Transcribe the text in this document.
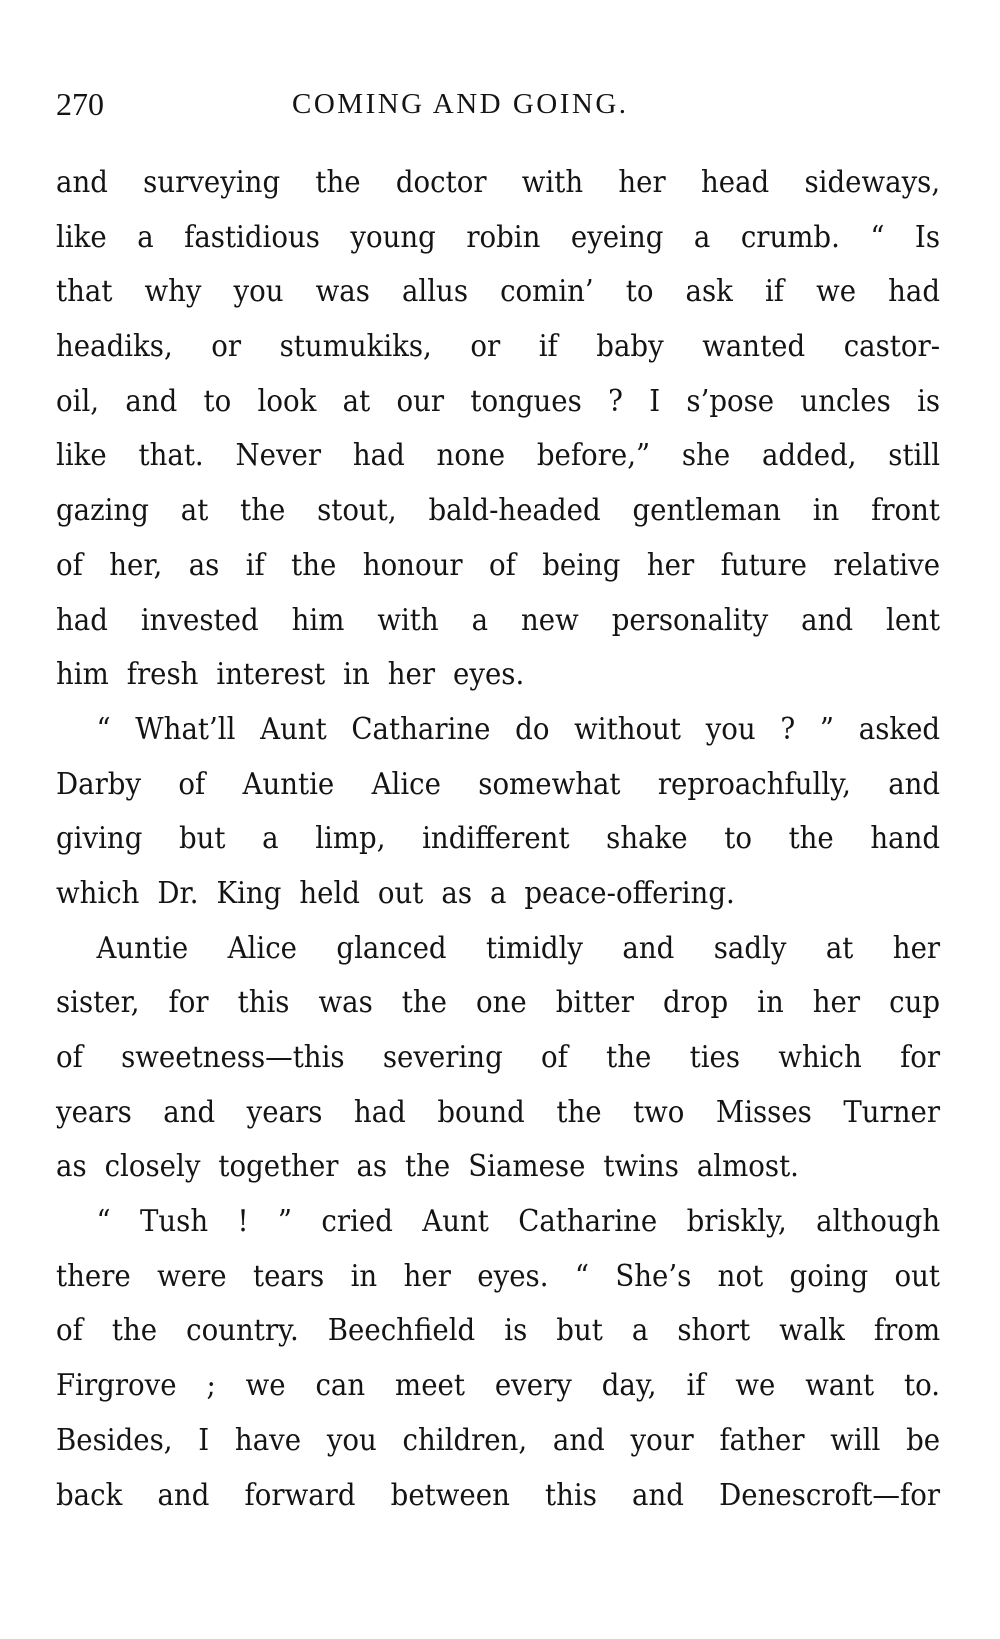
270	COMING AND GOING.
and surveying the doctor with her head sideways,
like a fastidious young robin eyeing a crumb. “ Is
that why you was allus comin’ to ask if we had
headiks, or stumukiks, or if baby wanted castor-
oil, and to look at our tongues ? I s’pose uncles is
like that. Never had none before,” she added, still
gazing at the stout, bald-headed gentleman in front
of her, as if the honour of being her future relative
had invested him with a new personality and lent
him fresh interest in her eyes.
“ What’ll Aunt Catharine do without you ? ” asked
Darby of Auntie Alice somewhat reproachfully, and
giving but a limp, indifferent shake to the hand
which Dr. King held out as a peace-offering.
Auntie Alice glanced timidly and sadly at her
sister, for this was the one bitter drop in her cup
of sweetness—this severing of the ties which for
years and years had bound the two Misses Turner
as closely together as the Siamese twins almost.
“ Tush ! ” cried Aunt Catharine briskly, although
there were tears in her eyes. “ She’s not going out
of the country. Beechfield is but a short walk from
Firgrove ; we can meet every day, if we want to.
Besides, I have you children, and your father will be
back and forward between this and Denescroft—for
